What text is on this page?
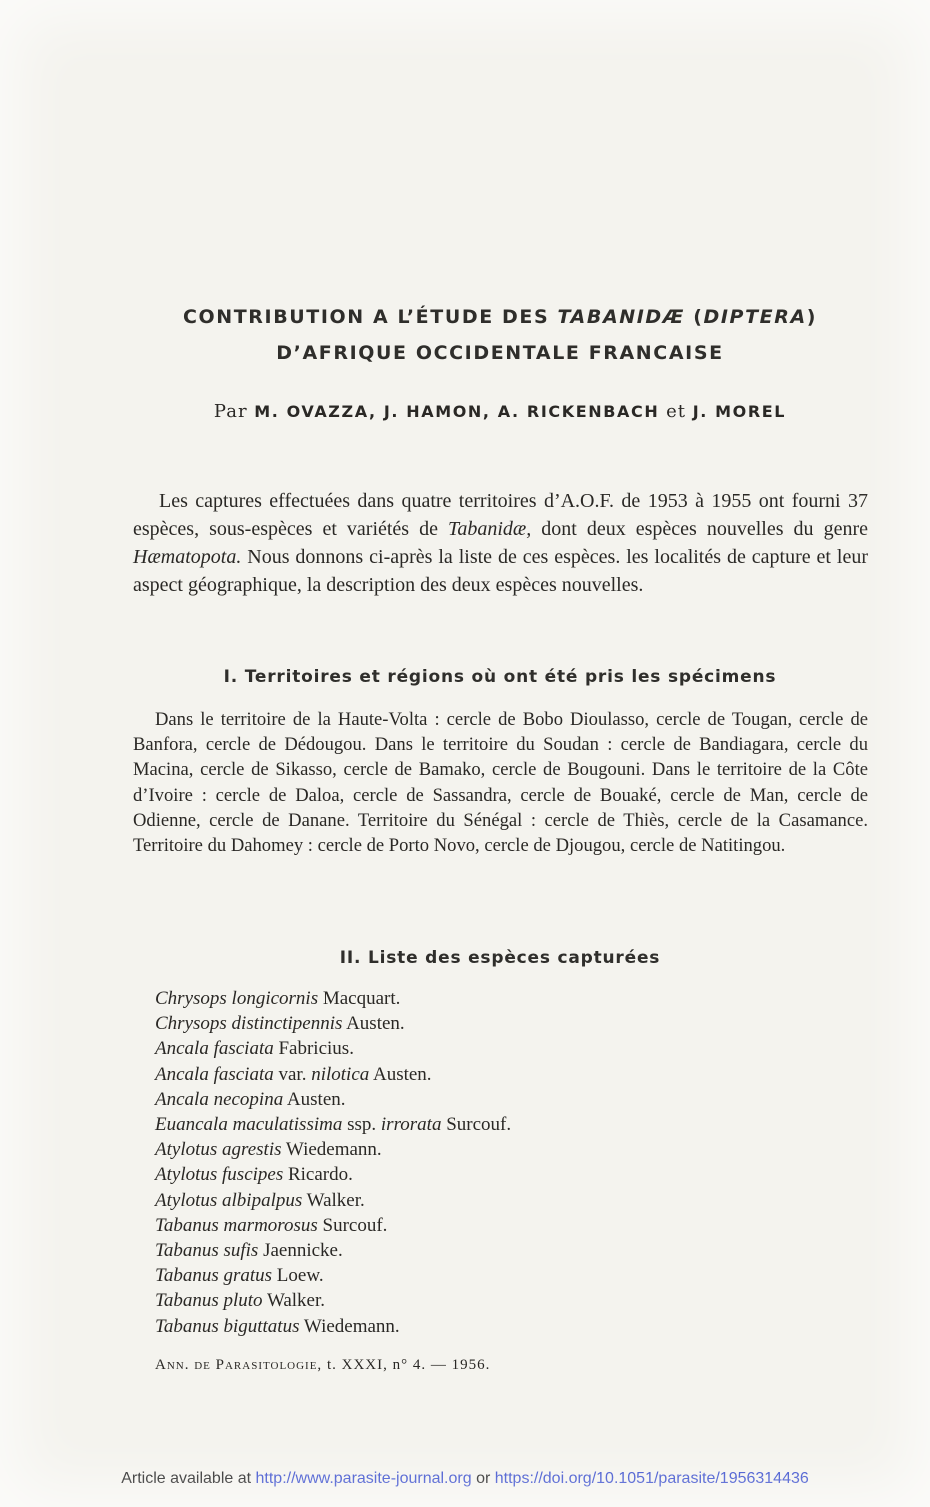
CONTRIBUTION A L’ÉTUDE DES TABANIDÆ (DIPTERA)
D’AFRIQUE OCCIDENTALE FRANCAISE
Par M. OVAZZA, J. HAMON, A. RICKENBACH et J. MOREL

Les captures effectuées dans quatre territoires d’A.O.F. de 1953 à 1955 ont fourni 37 espèces, sous-espèces et variétés de Tabanidæ, dont deux espèces nouvelles du genre Hæmatopota. Nous donnons ci-après la liste de ces espèces. les localités de capture et leur aspect géographique, la description des deux espèces nouvelles.

I. Territoires et régions où ont été pris les spécimens

Dans le territoire de la Haute-Volta : cercle de Bobo Dioulasso, cercle de Tougan, cercle de Banfora, cercle de Dédougou. Dans le territoire du Soudan : cercle de Bandiagara, cercle du Macina, cercle de Sikasso, cercle de Bamako, cercle de Bougouni. Dans le territoire de la Côte d’Ivoire : cercle de Daloa, cercle de Sassandra, cercle de Bouaké, cercle de Man, cercle de Odienne, cercle de Danane. Territoire du Sénégal : cercle de Thiès, cercle de la Casamance. Territoire du Dahomey : cercle de Porto Novo, cercle de Djougou, cercle de Natitingou.

II. Liste des espèces capturées
Chrysops longicornis Macquart.
Chrysops distinctipennis Austen.
Ancala fasciata Fabricius.
Ancala fasciata var. nilotica Austen.
Ancala necopina Austen.
Euancala maculatissima ssp. irrorata Surcouf.
Atylotus agrestis Wiedemann.
Atylotus fuscipes Ricardo.
Atylotus albipalpus Walker.
Tabanus marmorosus Surcouf.
Tabanus sufis Jaennicke.
Tabanus gratus Loew.
Tabanus pluto Walker.
Tabanus biguttatus Wiedemann.
Ann. de Parasitologie, t. XXXI, n° 4. — 1956.
Article available at http://www.parasite-journal.org or https://doi.org/10.1051/parasite/1956314436
